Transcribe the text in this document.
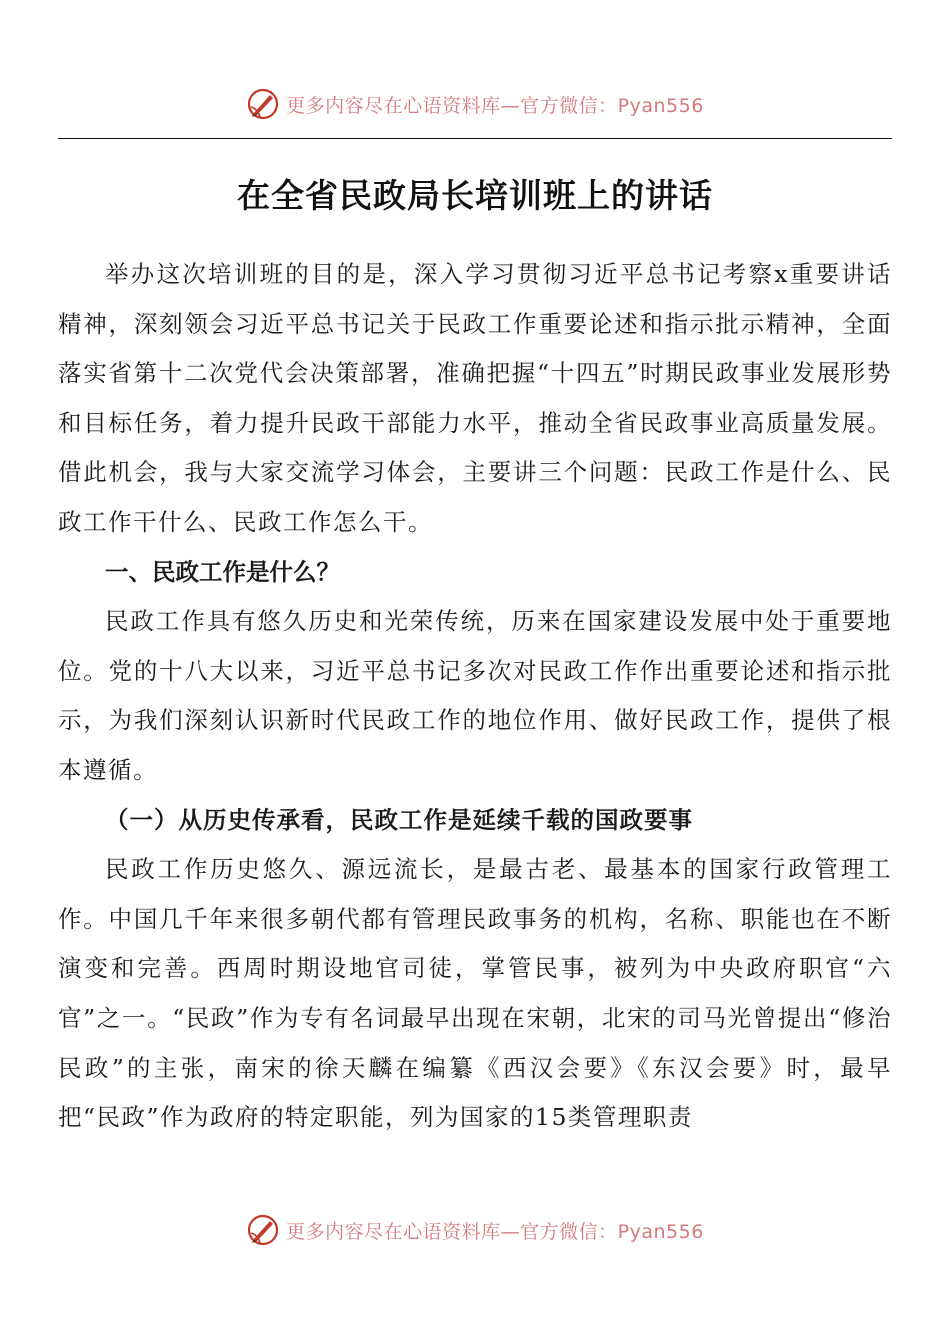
更多内容尽在心语资料库—官方微信：Pyan556
在全省民政局长培训班上的讲话

举办这次培训班的目的是，深入学习贯彻习近平总书记考察x重要讲话精神，深刻领会习近平总书记关于民政工作重要论述和指示批示精神，全面落实省第十二次党代会决策部署，准确把握“十四五”时期民政事业发展形势和目标任务，着力提升民政干部能力水平，推动全省民政事业高质量发展。借此机会，我与大家交流学习体会，主要讲三个问题：民政工作是什么、民政工作干什么、民政工作怎么干。

一、民政工作是什么？

民政工作具有悠久历史和光荣传统，历来在国家建设发展中处于重要地位。党的十八大以来，习近平总书记多次对民政工作作出重要论述和指示批示，为我们深刻认识新时代民政工作的地位作用、做好民政工作，提供了根本遵循。

（一）从历史传承看，民政工作是延续千载的国政要事

民政工作历史悠久、源远流长，是最古老、最基本的国家行政管理工作。中国几千年来很多朝代都有管理民政事务的机构，名称、职能也在不断演变和完善。西周时期设地官司徒，掌管民事，被列为中央政府职官“六官”之一。“民政”作为专有名词最早出现在宋朝，北宋的司马光曾提出“修治民政”的主张，南宋的徐天麟在编纂《西汉会要》《东汉会要》时，最早把“民政”作为政府的特定职能，列为国家的15类管理职责

更多内容尽在心语资料库—官方微信：Pyan556
